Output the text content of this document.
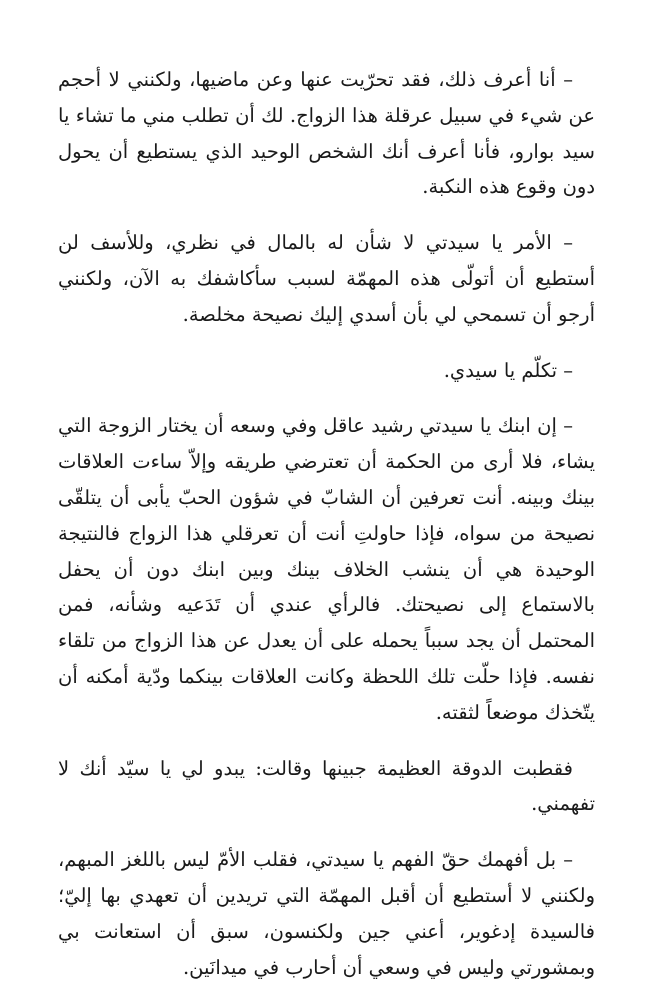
– أنا أعرف ذلك، فقد تحرّيت عنها وعن ماضيها، ولكنني لا أحجم عن شيء في سبيل عرقلة هذا الزواج. لك أن تطلب مني ما تشاء يا سيد بوارو، فأنا أعرف أنك الشخص الوحيد الذي يستطيع أن يحول دون وقوع هذه النكبة.

– الأمر يا سيدتي لا شأن له بالمال في نظري، وللأسف لن أستطيع أن أتولّى هذه المهمّة لسبب سأكاشفك به الآن، ولكنني أرجو أن تسمحي لي بأن أسدي إليك نصيحة مخلصة.

– تكلّم يا سيدي.

– إن ابنك يا سيدتي رشيد عاقل وفي وسعه أن يختار الزوجة التي يشاء، فلا أرى من الحكمة أن تعترضي طريقه وإلاّ ساءت العلاقات بينك وبينه. أنت تعرفين أن الشابّ في شؤون الحبّ يأبى أن يتلقّى نصيحة من سواه، فإذا حاولتِ أنت أن تعرقلي هذا الزواج فالنتيجة الوحيدة هي أن ينشب الخلاف بينك وبين ابنك دون أن يحفل بالاستماع إلى نصيحتك. فالرأي عندي أن تَدَعيه وشأنه، فمن المحتمل أن يجد سبباً يحمله على أن يعدل عن هذا الزواج من تلقاء نفسه. فإذا حلّت تلك اللحظة وكانت العلاقات بينكما ودّية أمكنه أن يتّخذك موضعاً لثقته.

فقطبت الدوقة العظيمة جبينها وقالت: يبدو لي يا سيّد أنك لا تفهمني.

– بل أفهمك حقّ الفهم يا سيدتي، فقلب الأمّ ليس باللغز المبهم، ولكنني لا أستطيع أن أقبل المهمّة التي تريدين أن تعهدي بها إليّ؛ فالسيدة إدغوير، أعني جين ولكنسون، سبق أن استعانت بي وبمشورتي وليس في وسعي أن أحارب في ميدانَين.
